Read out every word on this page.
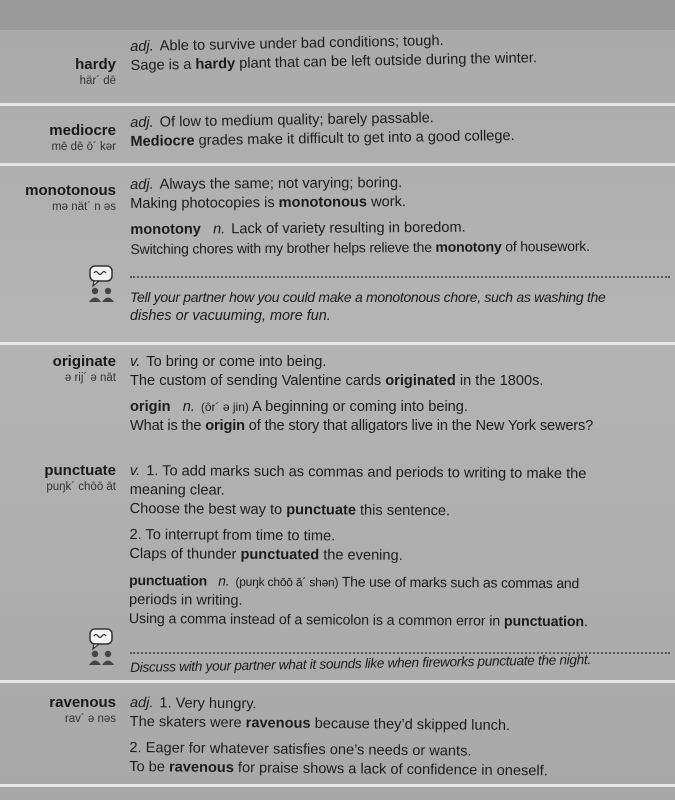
hardy
här´ dē
adj. Able to survive under bad conditions; tough.
Sage is a hardy plant that can be left outside during the winter.
mediocre
mē dē ō´ kər
adj. Of low to medium quality; barely passable.
Mediocre grades make it difficult to get into a good college.
monotonous
mə nät´ n əs
adj. Always the same; not varying; boring.
Making photocopies is monotonous work.
monotony n. Lack of variety resulting in boredom.
Switching chores with my brother helps relieve the monotony of housework.
Tell your partner how you could make a monotonous chore, such as washing the
dishes or vacuuming, more fun.
originate
ə rij´ ə nāt
v. To bring or come into being.
The custom of sending Valentine cards originated in the 1800s.
origin n. (ôr´ ə jin) A beginning or coming into being.
What is the origin of the story that alligators live in the New York sewers?
punctuate
puŋk´ chōō āt
v. 1. To add marks such as commas and periods to writing to make the
meaning clear.
Choose the best way to punctuate this sentence.
2. To interrupt from time to time.
Claps of thunder punctuated the evening.
punctuation n. (puŋk chōō ā´ shən) The use of marks such as commas and
periods in writing.
Using a comma instead of a semicolon is a common error in punctuation.
Discuss with your partner what it sounds like when fireworks punctuate the night.
ravenous
rav´ ə nəs
adj. 1. Very hungry.
The skaters were ravenous because they’d skipped lunch.
2. Eager for whatever satisfies one’s needs or wants.
To be ravenous for praise shows a lack of confidence in oneself.
